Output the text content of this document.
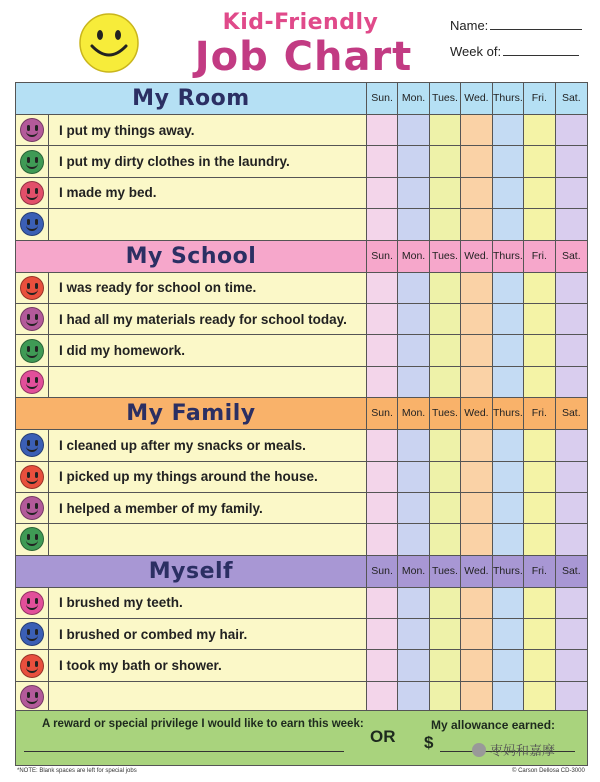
Kid-Friendly
Job Chart
Name:
Week of:
My Room	Sun. Mon. Tues. Wed. Thurs. Fri.	Sat.
I put my things away.
I put my dirty clothes in the laundry.
I made my bed.
My School	Sun. Mon. Tues. Wed. Thurs. Fri.	Sat.
I was ready for school on time.
I had all my materials ready for school today.
I did my homework.
My Family	Sun. Mon. Tues. Wed. Thurs. Fri.	Sat.
I cleaned up after my snacks or meals.
I picked up my things around the house.
I helped a member of my family.
Myself	Sun. Mon. Tues. Wed. Thurs. Fri.	Sat.
I brushed my teeth.
I brushed or combed my hair.
I took my bath or shower.
A reward or special privilege I would like to earn this week:
OR
My allowance earned:
$	枣妈和嘉摩
*NOTE: Blank spaces are left for special jobs	© Carson Dellosa CD-3000
